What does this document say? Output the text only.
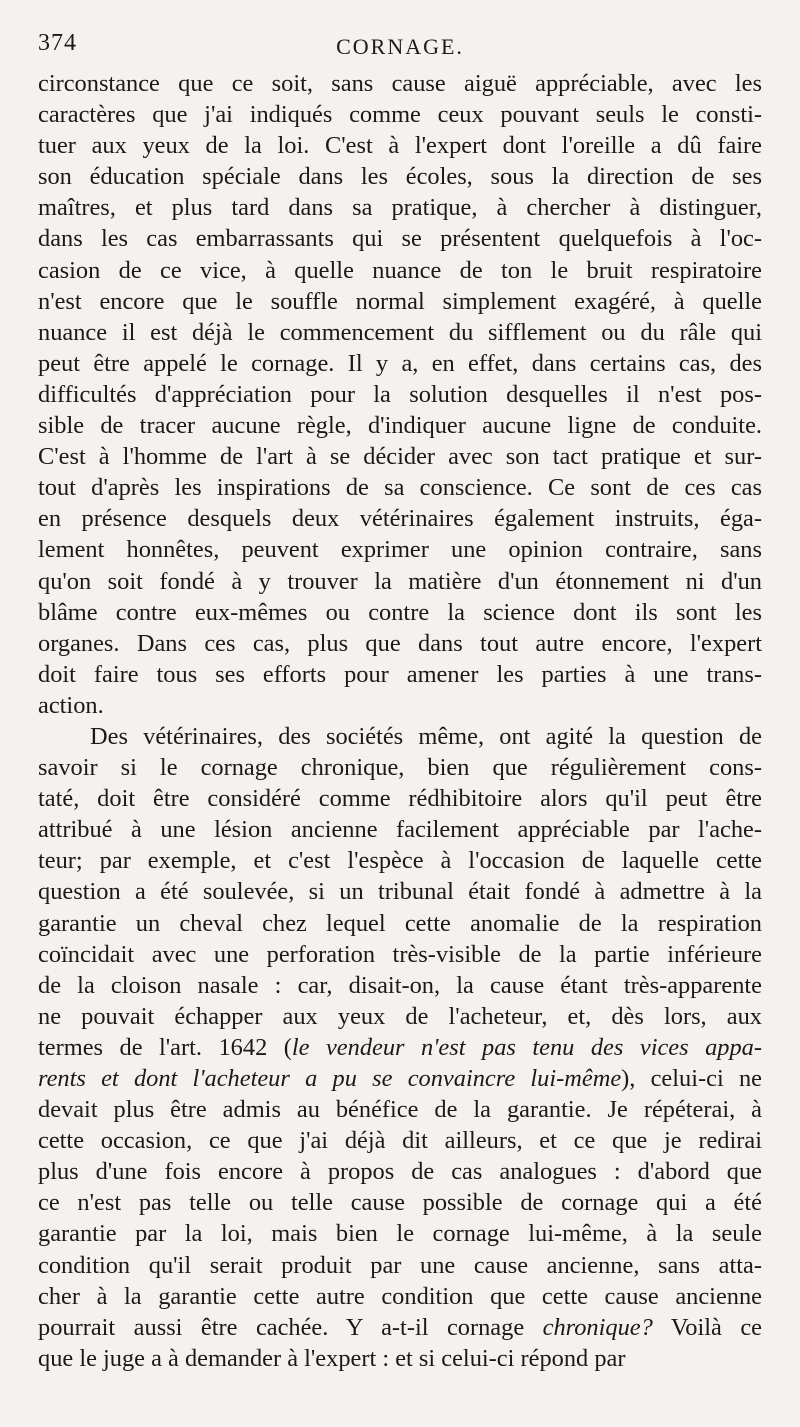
374	CORNAGE.
circonstance que ce soit, sans cause aiguë appréciable, avec les
caractères que j'ai indiqués comme ceux pouvant seuls le consti-
tuer aux yeux de la loi. C'est à l'expert dont l'oreille a dû faire
son éducation spéciale dans les écoles, sous la direction de ses
maîtres, et plus tard dans sa pratique, à chercher à distinguer,
dans les cas embarrassants qui se présentent quelquefois à l'oc-
casion de ce vice, à quelle nuance de ton le bruit respiratoire
n'est encore que le souffle normal simplement exagéré, à quelle
nuance il est déjà le commencement du sifflement ou du râle qui
peut être appelé le cornage. Il y a, en effet, dans certains cas, des
difficultés d'appréciation pour la solution desquelles il n'est pos-
sible de tracer aucune règle, d'indiquer aucune ligne de conduite.
C'est à l'homme de l'art à se décider avec son tact pratique et sur-
tout d'après les inspirations de sa conscience. Ce sont de ces cas
en présence desquels deux vétérinaires également instruits, éga-
lement honnêtes, peuvent exprimer une opinion contraire, sans
qu'on soit fondé à y trouver la matière d'un étonnement ni d'un
blâme contre eux-mêmes ou contre la science dont ils sont les
organes. Dans ces cas, plus que dans tout autre encore, l'expert
doit faire tous ses efforts pour amener les parties à une trans-
action.
Des vétérinaires, des sociétés même, ont agité la question de
savoir si le cornage chronique, bien que régulièrement cons-
taté, doit être considéré comme rédhibitoire alors qu'il peut être
attribué à une lésion ancienne facilement appréciable par l'ache-
teur; par exemple, et c'est l'espèce à l'occasion de laquelle cette
question a été soulevée, si un tribunal était fondé à admettre à la
garantie un cheval chez lequel cette anomalie de la respiration
coïncidait avec une perforation très-visible de la partie inférieure
de la cloison nasale : car, disait-on, la cause étant très-apparente
ne pouvait échapper aux yeux de l'acheteur, et, dès lors, aux
termes de l'art. 1642 (le vendeur n'est pas tenu des vices appa-
rents et dont l'acheteur a pu se convaincre lui-même), celui-ci ne
devait plus être admis au bénéfice de la garantie. Je répéterai, à
cette occasion, ce que j'ai déjà dit ailleurs, et ce que je redirai
plus d'une fois encore à propos de cas analogues : d'abord que
ce n'est pas telle ou telle cause possible de cornage qui a été
garantie par la loi, mais bien le cornage lui-même, à la seule
condition qu'il serait produit par une cause ancienne, sans atta-
cher à la garantie cette autre condition que cette cause ancienne
pourrait aussi être cachée. Y a-t-il cornage chronique? Voilà ce
que le juge a à demander à l'expert : et si celui-ci répond par
